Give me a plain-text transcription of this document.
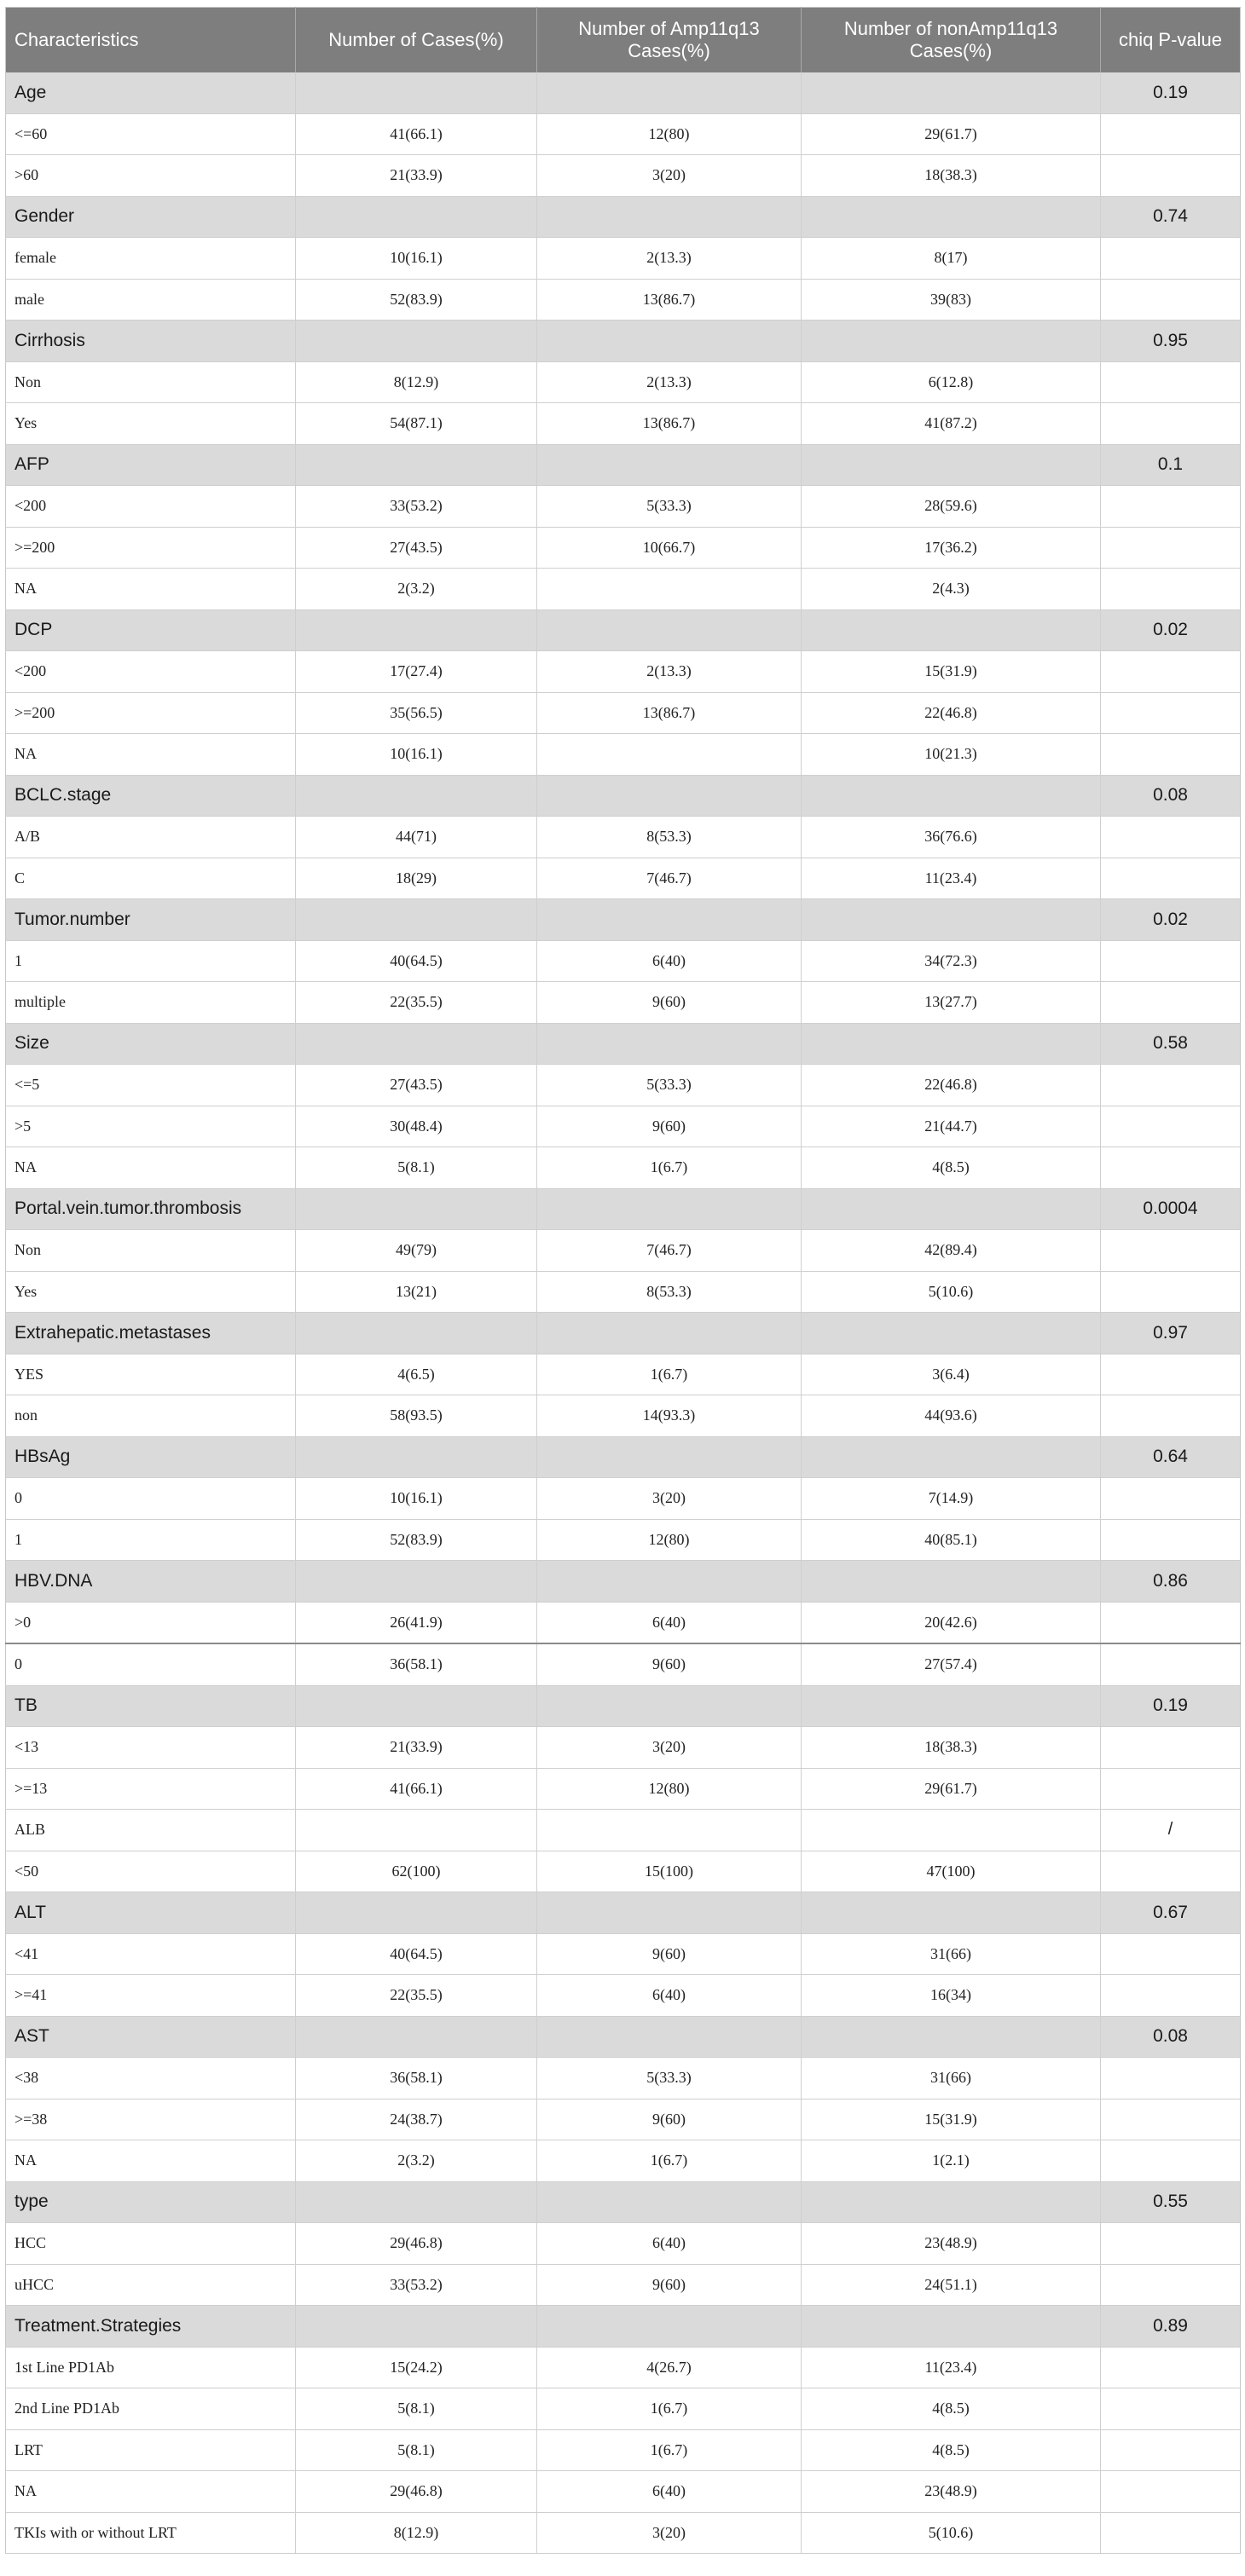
Characteristics	Number of Cases(%)	Number of Amp11q13 Cases(%)	Number of nonAmp11q13 Cases(%)	chiq P-value
Age				0.19
<=60	41(66.1)	12(80)	29(61.7)	
>60	21(33.9)	3(20)	18(38.3)	
Gender				0.74
female	10(16.1)	2(13.3)	8(17)	
male	52(83.9)	13(86.7)	39(83)	
Cirrhosis				0.95
Non	8(12.9)	2(13.3)	6(12.8)	
Yes	54(87.1)	13(86.7)	41(87.2)	
AFP				0.1
<200	33(53.2)	5(33.3)	28(59.6)	
>=200	27(43.5)	10(66.7)	17(36.2)	
NA	2(3.2)		2(4.3)	
DCP				0.02
<200	17(27.4)	2(13.3)	15(31.9)	
>=200	35(56.5)	13(86.7)	22(46.8)	
NA	10(16.1)		10(21.3)	
BCLC.stage				0.08
A/B	44(71)	8(53.3)	36(76.6)	
C	18(29)	7(46.7)	11(23.4)	
Tumor.number				0.02
1	40(64.5)	6(40)	34(72.3)	
multiple	22(35.5)	9(60)	13(27.7)	
Size				0.58
<=5	27(43.5)	5(33.3)	22(46.8)	
>5	30(48.4)	9(60)	21(44.7)	
NA	5(8.1)	1(6.7)	4(8.5)	
Portal.vein.tumor.thrombosis				0.0004
Non	49(79)	7(46.7)	42(89.4)	
Yes	13(21)	8(53.3)	5(10.6)	
Extrahepatic.metastases				0.97
YES	4(6.5)	1(6.7)	3(6.4)	
non	58(93.5)	14(93.3)	44(93.6)	
HBsAg				0.64
0	10(16.1)	3(20)	7(14.9)	
1	52(83.9)	12(80)	40(85.1)	
HBV.DNA				0.86
>0	26(41.9)	6(40)	20(42.6)	
0	36(58.1)	9(60)	27(57.4)	
TB				0.19
<13	21(33.9)	3(20)	18(38.3)	
>=13	41(66.1)	12(80)	29(61.7)	
ALB				/
<50	62(100)	15(100)	47(100)	
ALT				0.67
<41	40(64.5)	9(60)	31(66)	
>=41	22(35.5)	6(40)	16(34)	
AST				0.08
<38	36(58.1)	5(33.3)	31(66)	
>=38	24(38.7)	9(60)	15(31.9)	
NA	2(3.2)	1(6.7)	1(2.1)	
type				0.55
HCC	29(46.8)	6(40)	23(48.9)	
uHCC	33(53.2)	9(60)	24(51.1)	
Treatment.Strategies				0.89
1st Line PD1Ab	15(24.2)	4(26.7)	11(23.4)	
2nd Line PD1Ab	5(8.1)	1(6.7)	4(8.5)	
LRT	5(8.1)	1(6.7)	4(8.5)	
NA	29(46.8)	6(40)	23(48.9)	
TKIs with or without LRT	8(12.9)	3(20)	5(10.6)	
